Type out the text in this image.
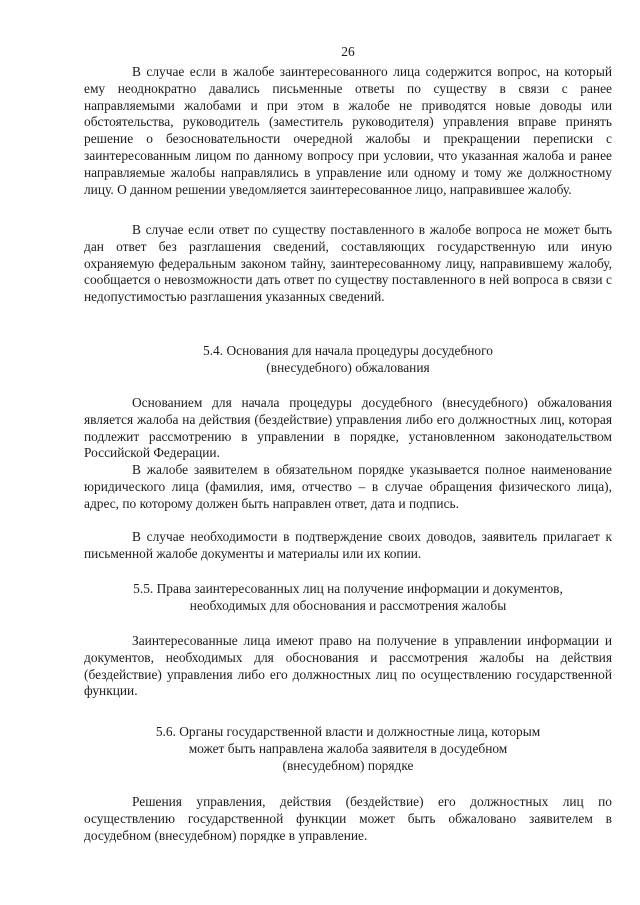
26

В случае если в жалобе заинтересованного лица содержится вопрос, на который ему неоднократно давались письменные ответы по существу в связи с ранее направляемыми жалобами и при этом в жалобе не приводятся новые доводы или обстоятельства, руководитель (заместитель руководителя) управления вправе принять решение о безосновательности очередной жалобы и прекращении переписки с заинтересованным лицом по данному вопросу при условии, что указанная жалоба и ранее направляемые жалобы направлялись в управление или одному и тому же должностному лицу. О данном решении уведомляется заинтересованное лицо, направившее жалобу.

В случае если ответ по существу поставленного в жалобе вопроса не может быть дан ответ без разглашения сведений, составляющих государственную или иную охраняемую федеральным законом тайну, заинтересованному лицу, направившему жалобу, сообщается о невозможности дать ответ по существу поставленного в ней вопроса в связи с недопустимостью разглашения указанных сведений.

5.4. Основания для начала процедуры досудебного
(внесудебного) обжалования

Основанием для начала процедуры досудебного (внесудебного) обжалования является жалоба на действия (бездействие) управления либо его должностных лиц, которая подлежит рассмотрению в управлении в порядке, установленном законодательством Российской Федерации.

В жалобе заявителем в обязательном порядке указывается полное наименование юридического лица (фамилия, имя, отчество – в случае обращения физического лица), адрес, по которому должен быть направлен ответ, дата и подпись.

В случае необходимости в подтверждение своих доводов, заявитель прилагает к письменной жалобе документы и материалы или их копии.

5.5. Права заинтересованных лиц на получение информации и документов,
необходимых для обоснования и рассмотрения жалобы

Заинтересованные лица имеют право на получение в управлении информации и документов, необходимых для обоснования и рассмотрения жалобы на действия (бездействие) управления либо его должностных лиц по осуществлению государственной функции.

5.6. Органы государственной власти и должностные лица, которым
может быть направлена жалоба заявителя в досудебном
(внесудебном) порядке

Решения управления, действия (бездействие) его должностных лиц по осуществлению государственной функции может быть обжаловано заявителем в досудебном (внесудебном) порядке в управление.
